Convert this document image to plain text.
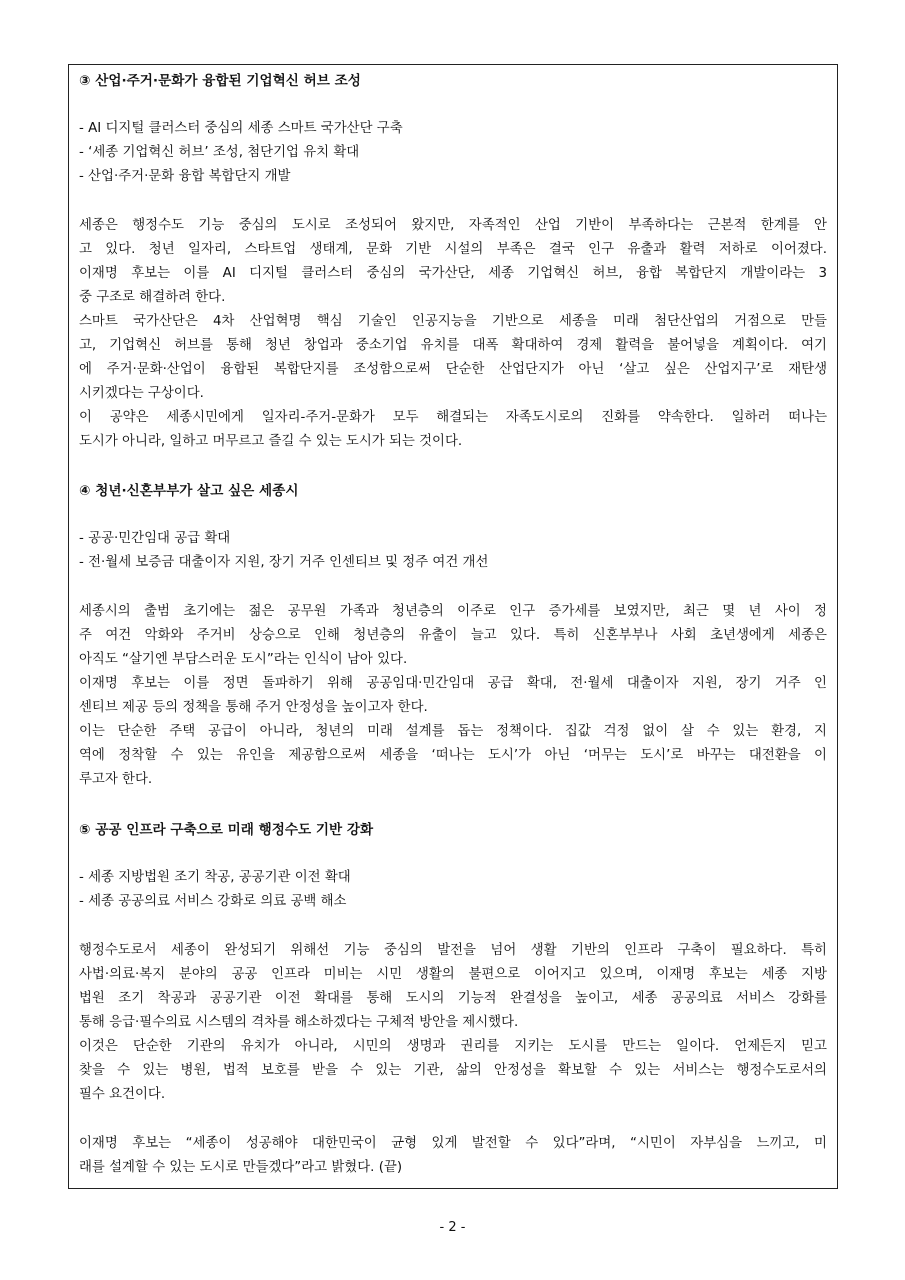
③ 산업·주거·문화가 융합된 기업혁신 허브 조성
- AI 디지털 클러스터 중심의 세종 스마트 국가산단 구축
- ‘세종 기업혁신 허브’ 조성, 첨단기업 유치 확대
- 산업·주거·문화 융합 복합단지 개발
세종은 행정수도 기능 중심의 도시로 조성되어 왔지만, 자족적인 산업 기반이 부족하다는 근본적 한계를 안
고 있다. 청년 일자리, 스타트업 생태계, 문화 기반 시설의 부족은 결국 인구 유출과 활력 저하로 이어졌다.
이재명 후보는 이를 AI 디지털 클러스터 중심의 국가산단, 세종 기업혁신 허브, 융합 복합단지 개발이라는 3
중 구조로 해결하려 한다.
스마트 국가산단은 4차 산업혁명 핵심 기술인 인공지능을 기반으로 세종을 미래 첨단산업의 거점으로 만들
고, 기업혁신 허브를 통해 청년 창업과 중소기업 유치를 대폭 확대하여 경제 활력을 불어넣을 계획이다. 여기
에 주거·문화·산업이 융합된 복합단지를 조성함으로써 단순한 산업단지가 아닌 ‘살고 싶은 산업지구’로 재탄생
시키겠다는 구상이다.
이 공약은 세종시민에게 일자리-주거-문화가 모두 해결되는 자족도시로의 진화를 약속한다. 일하러 떠나는
도시가 아니라, 일하고 머무르고 즐길 수 있는 도시가 되는 것이다.
④ 청년·신혼부부가 살고 싶은 세종시
- 공공·민간임대 공급 확대
- 전·월세 보증금 대출이자 지원, 장기 거주 인센티브 및 정주 여건 개선
세종시의 출범 초기에는 젊은 공무원 가족과 청년층의 이주로 인구 증가세를 보였지만, 최근 몇 년 사이 정
주 여건 악화와 주거비 상승으로 인해 청년층의 유출이 늘고 있다. 특히 신혼부부나 사회 초년생에게 세종은
아직도 “살기엔 부담스러운 도시”라는 인식이 남아 있다.
이재명 후보는 이를 정면 돌파하기 위해 공공임대·민간임대 공급 확대, 전·월세 대출이자 지원, 장기 거주 인
센티브 제공 등의 정책을 통해 주거 안정성을 높이고자 한다.
이는 단순한 주택 공급이 아니라, 청년의 미래 설계를 돕는 정책이다. 집값 걱정 없이 살 수 있는 환경, 지
역에 정착할 수 있는 유인을 제공함으로써 세종을 ‘떠나는 도시’가 아닌 ‘머무는 도시’로 바꾸는 대전환을 이
루고자 한다.
⑤ 공공 인프라 구축으로 미래 행정수도 기반 강화
- 세종 지방법원 조기 착공, 공공기관 이전 확대
- 세종 공공의료 서비스 강화로 의료 공백 해소
행정수도로서 세종이 완성되기 위해선 기능 중심의 발전을 넘어 생활 기반의 인프라 구축이 필요하다. 특히
사법·의료·복지 분야의 공공 인프라 미비는 시민 생활의 불편으로 이어지고 있으며, 이재명 후보는 세종 지방
법원 조기 착공과 공공기관 이전 확대를 통해 도시의 기능적 완결성을 높이고, 세종 공공의료 서비스 강화를
통해 응급·필수의료 시스템의 격차를 해소하겠다는 구체적 방안을 제시했다.
이것은 단순한 기관의 유치가 아니라, 시민의 생명과 권리를 지키는 도시를 만드는 일이다. 언제든지 믿고
찾을 수 있는 병원, 법적 보호를 받을 수 있는 기관, 삶의 안정성을 확보할 수 있는 서비스는 행정수도로서의
필수 요건이다.
이재명 후보는 “세종이 성공해야 대한민국이 균형 있게 발전할 수 있다”라며, “시민이 자부심을 느끼고, 미
래를 설계할 수 있는 도시로 만들겠다”라고 밝혔다. (끝)
- 2 -
